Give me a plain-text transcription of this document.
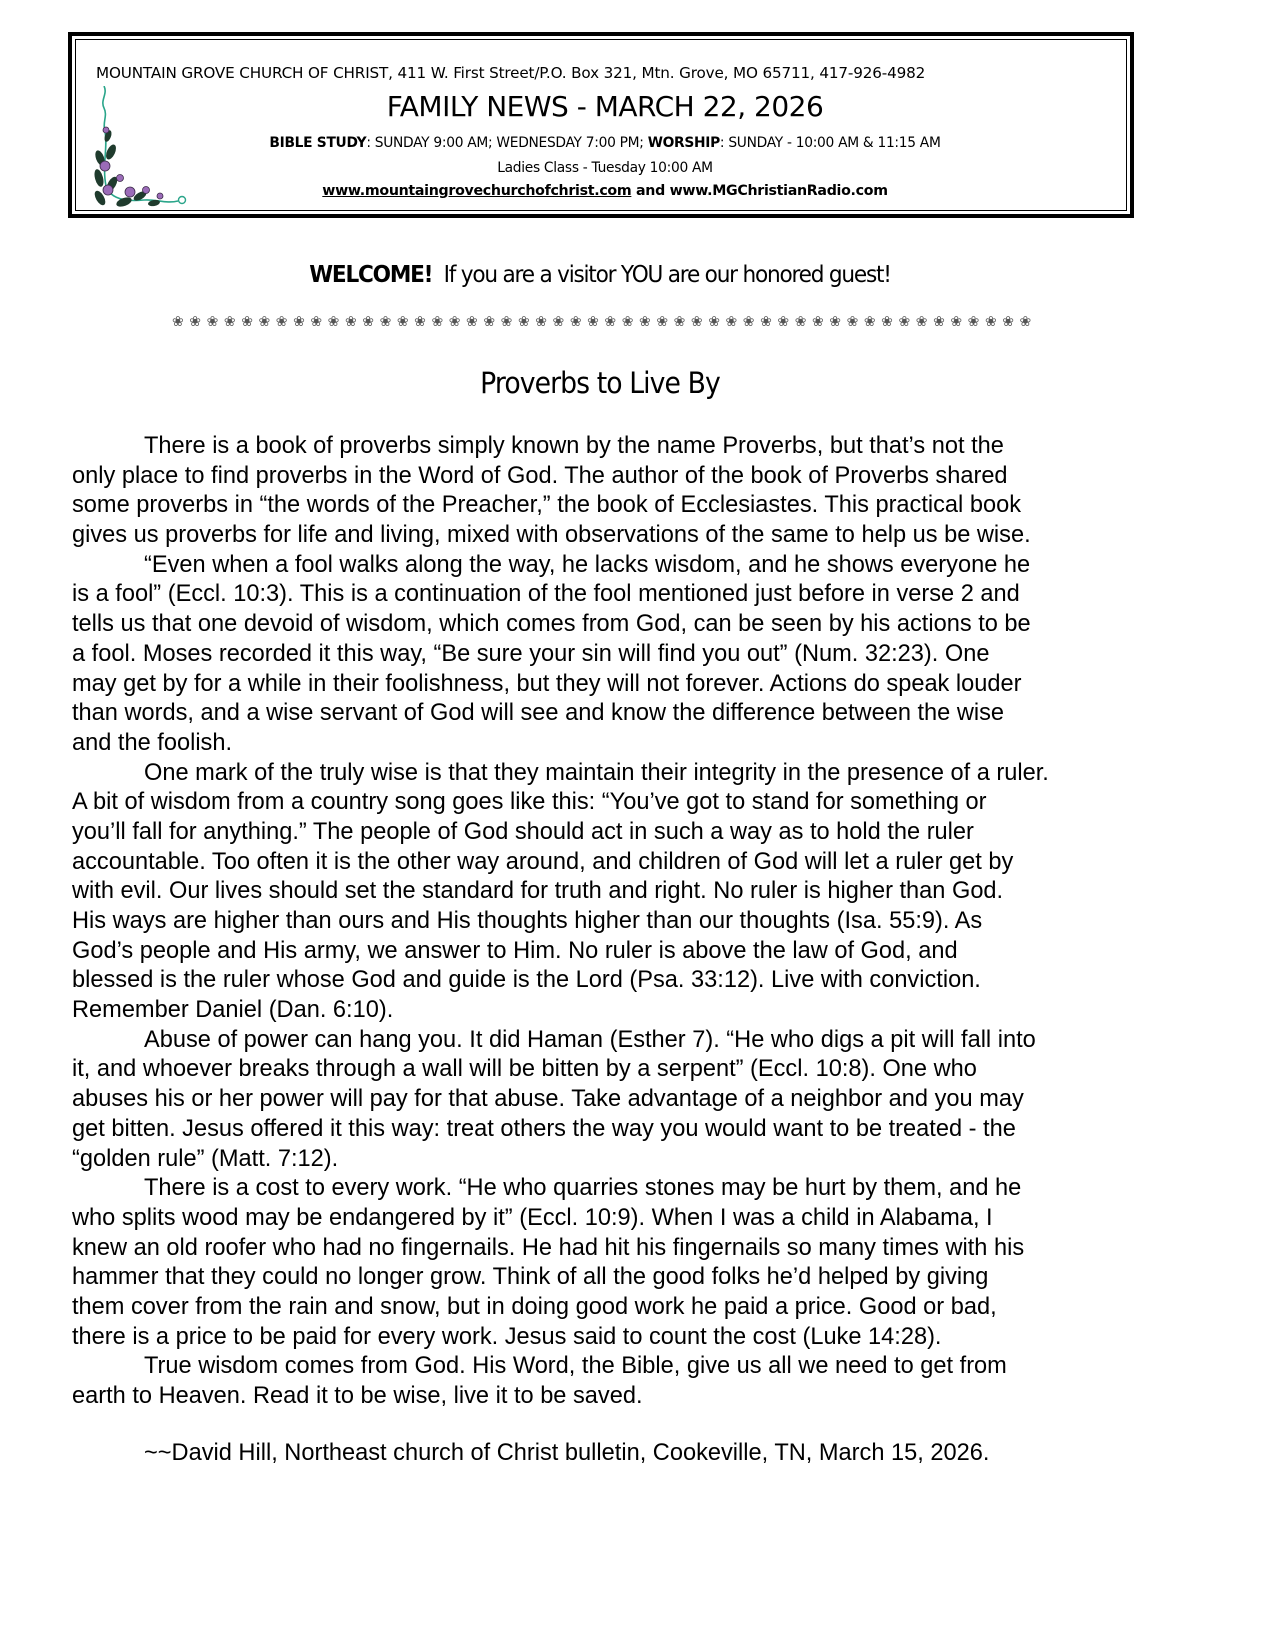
MOUNTAIN GROVE CHURCH OF CHRIST, 411 W. First Street/P.O. Box 321, Mtn. Grove, MO 65711, 417-926-4982
FAMILY NEWS - MARCH 22, 2026
BIBLE STUDY: SUNDAY 9:00 AM; WEDNESDAY 7:00 PM; WORSHIP: SUNDAY - 10:00 AM & 11:15 AM
Ladies Class - Tuesday 10:00 AM
www.mountaingrovechurchofchrist.com and www.MGChristianRadio.com
WELCOME!  If you are a visitor YOU are our honored guest!
❀ ❀ ❀ ❀ ❀ ❀ ❀ ❀ ❀ ❀ ❀ ❀ ❀ ❀ ❀ ❀ ❀ ❀ ❀ ❀ ❀ ❀ ❀ ❀ ❀ ❀ ❀ ❀ ❀ ❀ ❀ ❀ ❀ ❀ ❀ ❀ ❀ ❀ ❀ ❀ ❀ ❀ ❀ ❀ ❀ ❀ ❀ ❀ ❀ ❀
Proverbs to Live By
There is a book of proverbs simply known by the name Proverbs, but that’s not the
only place to find proverbs in the Word of God. The author of the book of Proverbs shared
some proverbs in “the words of the Preacher,” the book of Ecclesiastes. This practical book
gives us proverbs for life and living, mixed with observations of the same to help us be wise.
“Even when a fool walks along the way, he lacks wisdom, and he shows everyone he
is a fool” (Eccl. 10:3). This is a continuation of the fool mentioned just before in verse 2 and
tells us that one devoid of wisdom, which comes from God, can be seen by his actions to be
a fool. Moses recorded it this way, “Be sure your sin will find you out” (Num. 32:23). One
may get by for a while in their foolishness, but they will not forever. Actions do speak louder
than words, and a wise servant of God will see and know the difference between the wise
and the foolish.
One mark of the truly wise is that they maintain their integrity in the presence of a ruler.
A bit of wisdom from a country song goes like this: “You’ve got to stand for something or
you’ll fall for anything.” The people of God should act in such a way as to hold the ruler
accountable. Too often it is the other way around, and children of God will let a ruler get by
with evil. Our lives should set the standard for truth and right. No ruler is higher than God.
His ways are higher than ours and His thoughts higher than our thoughts (Isa. 55:9). As
God’s people and His army, we answer to Him. No ruler is above the law of God, and
blessed is the ruler whose God and guide is the Lord (Psa. 33:12). Live with conviction.
Remember Daniel (Dan. 6:10).
Abuse of power can hang you. It did Haman (Esther 7). “He who digs a pit will fall into
it, and whoever breaks through a wall will be bitten by a serpent” (Eccl. 10:8). One who
abuses his or her power will pay for that abuse. Take advantage of a neighbor and you may
get bitten. Jesus offered it this way: treat others the way you would want to be treated - the
“golden rule” (Matt. 7:12).
There is a cost to every work. “He who quarries stones may be hurt by them, and he
who splits wood may be endangered by it” (Eccl. 10:9). When I was a child in Alabama, I
knew an old roofer who had no fingernails. He had hit his fingernails so many times with his
hammer that they could no longer grow. Think of all the good folks he’d helped by giving
them cover from the rain and snow, but in doing good work he paid a price. Good or bad,
there is a price to be paid for every work. Jesus said to count the cost (Luke 14:28).
True wisdom comes from God. His Word, the Bible, give us all we need to get from
earth to Heaven. Read it to be wise, live it to be saved.
~~David Hill, Northeast church of Christ bulletin, Cookeville, TN, March 15, 2026.
